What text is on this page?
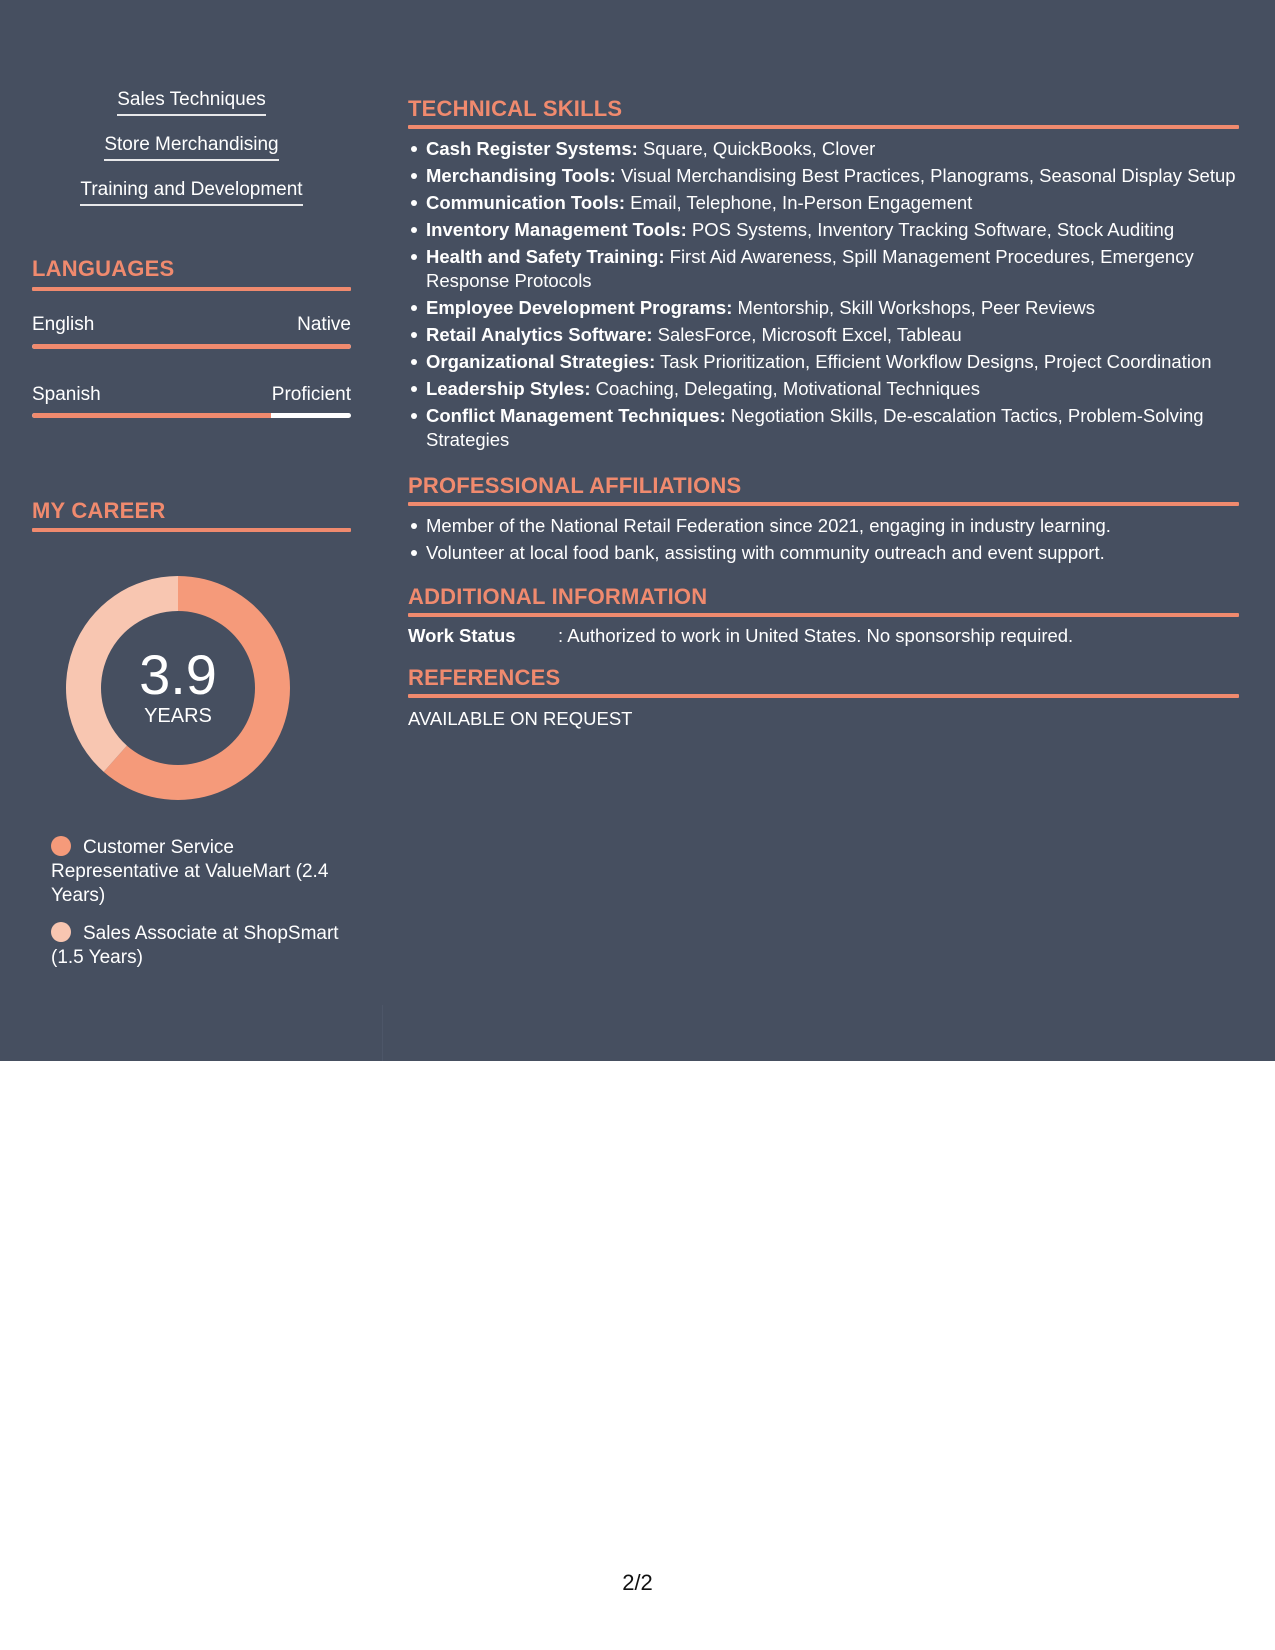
Sales Techniques
Store Merchandising
Training and Development
LANGUAGES
English	Native
Spanish	Proficient
MY CAREER
3.9
YEARS
Customer Service Representative at ValueMart (2.4 Years)
Sales Associate at ShopSmart (1.5 Years)
TECHNICAL SKILLS
Cash Register Systems: Square, QuickBooks, Clover
Merchandising Tools: Visual Merchandising Best Practices, Planograms, Seasonal Display Setup
Communication Tools: Email, Telephone, In-Person Engagement
Inventory Management Tools: POS Systems, Inventory Tracking Software, Stock Auditing
Health and Safety Training: First Aid Awareness, Spill Management Procedures, Emergency Response Protocols
Employee Development Programs: Mentorship, Skill Workshops, Peer Reviews
Retail Analytics Software: SalesForce, Microsoft Excel, Tableau
Organizational Strategies: Task Prioritization, Efficient Workflow Designs, Project Coordination
Leadership Styles: Coaching, Delegating, Motivational Techniques
Conflict Management Techniques: Negotiation Skills, De-escalation Tactics, Problem-Solving Strategies
PROFESSIONAL AFFILIATIONS
Member of the National Retail Federation since 2021, engaging in industry learning.
Volunteer at local food bank, assisting with community outreach and event support.
ADDITIONAL INFORMATION
Work Status : Authorized to work in United States. No sponsorship required.
REFERENCES
AVAILABLE ON REQUEST
2/2
